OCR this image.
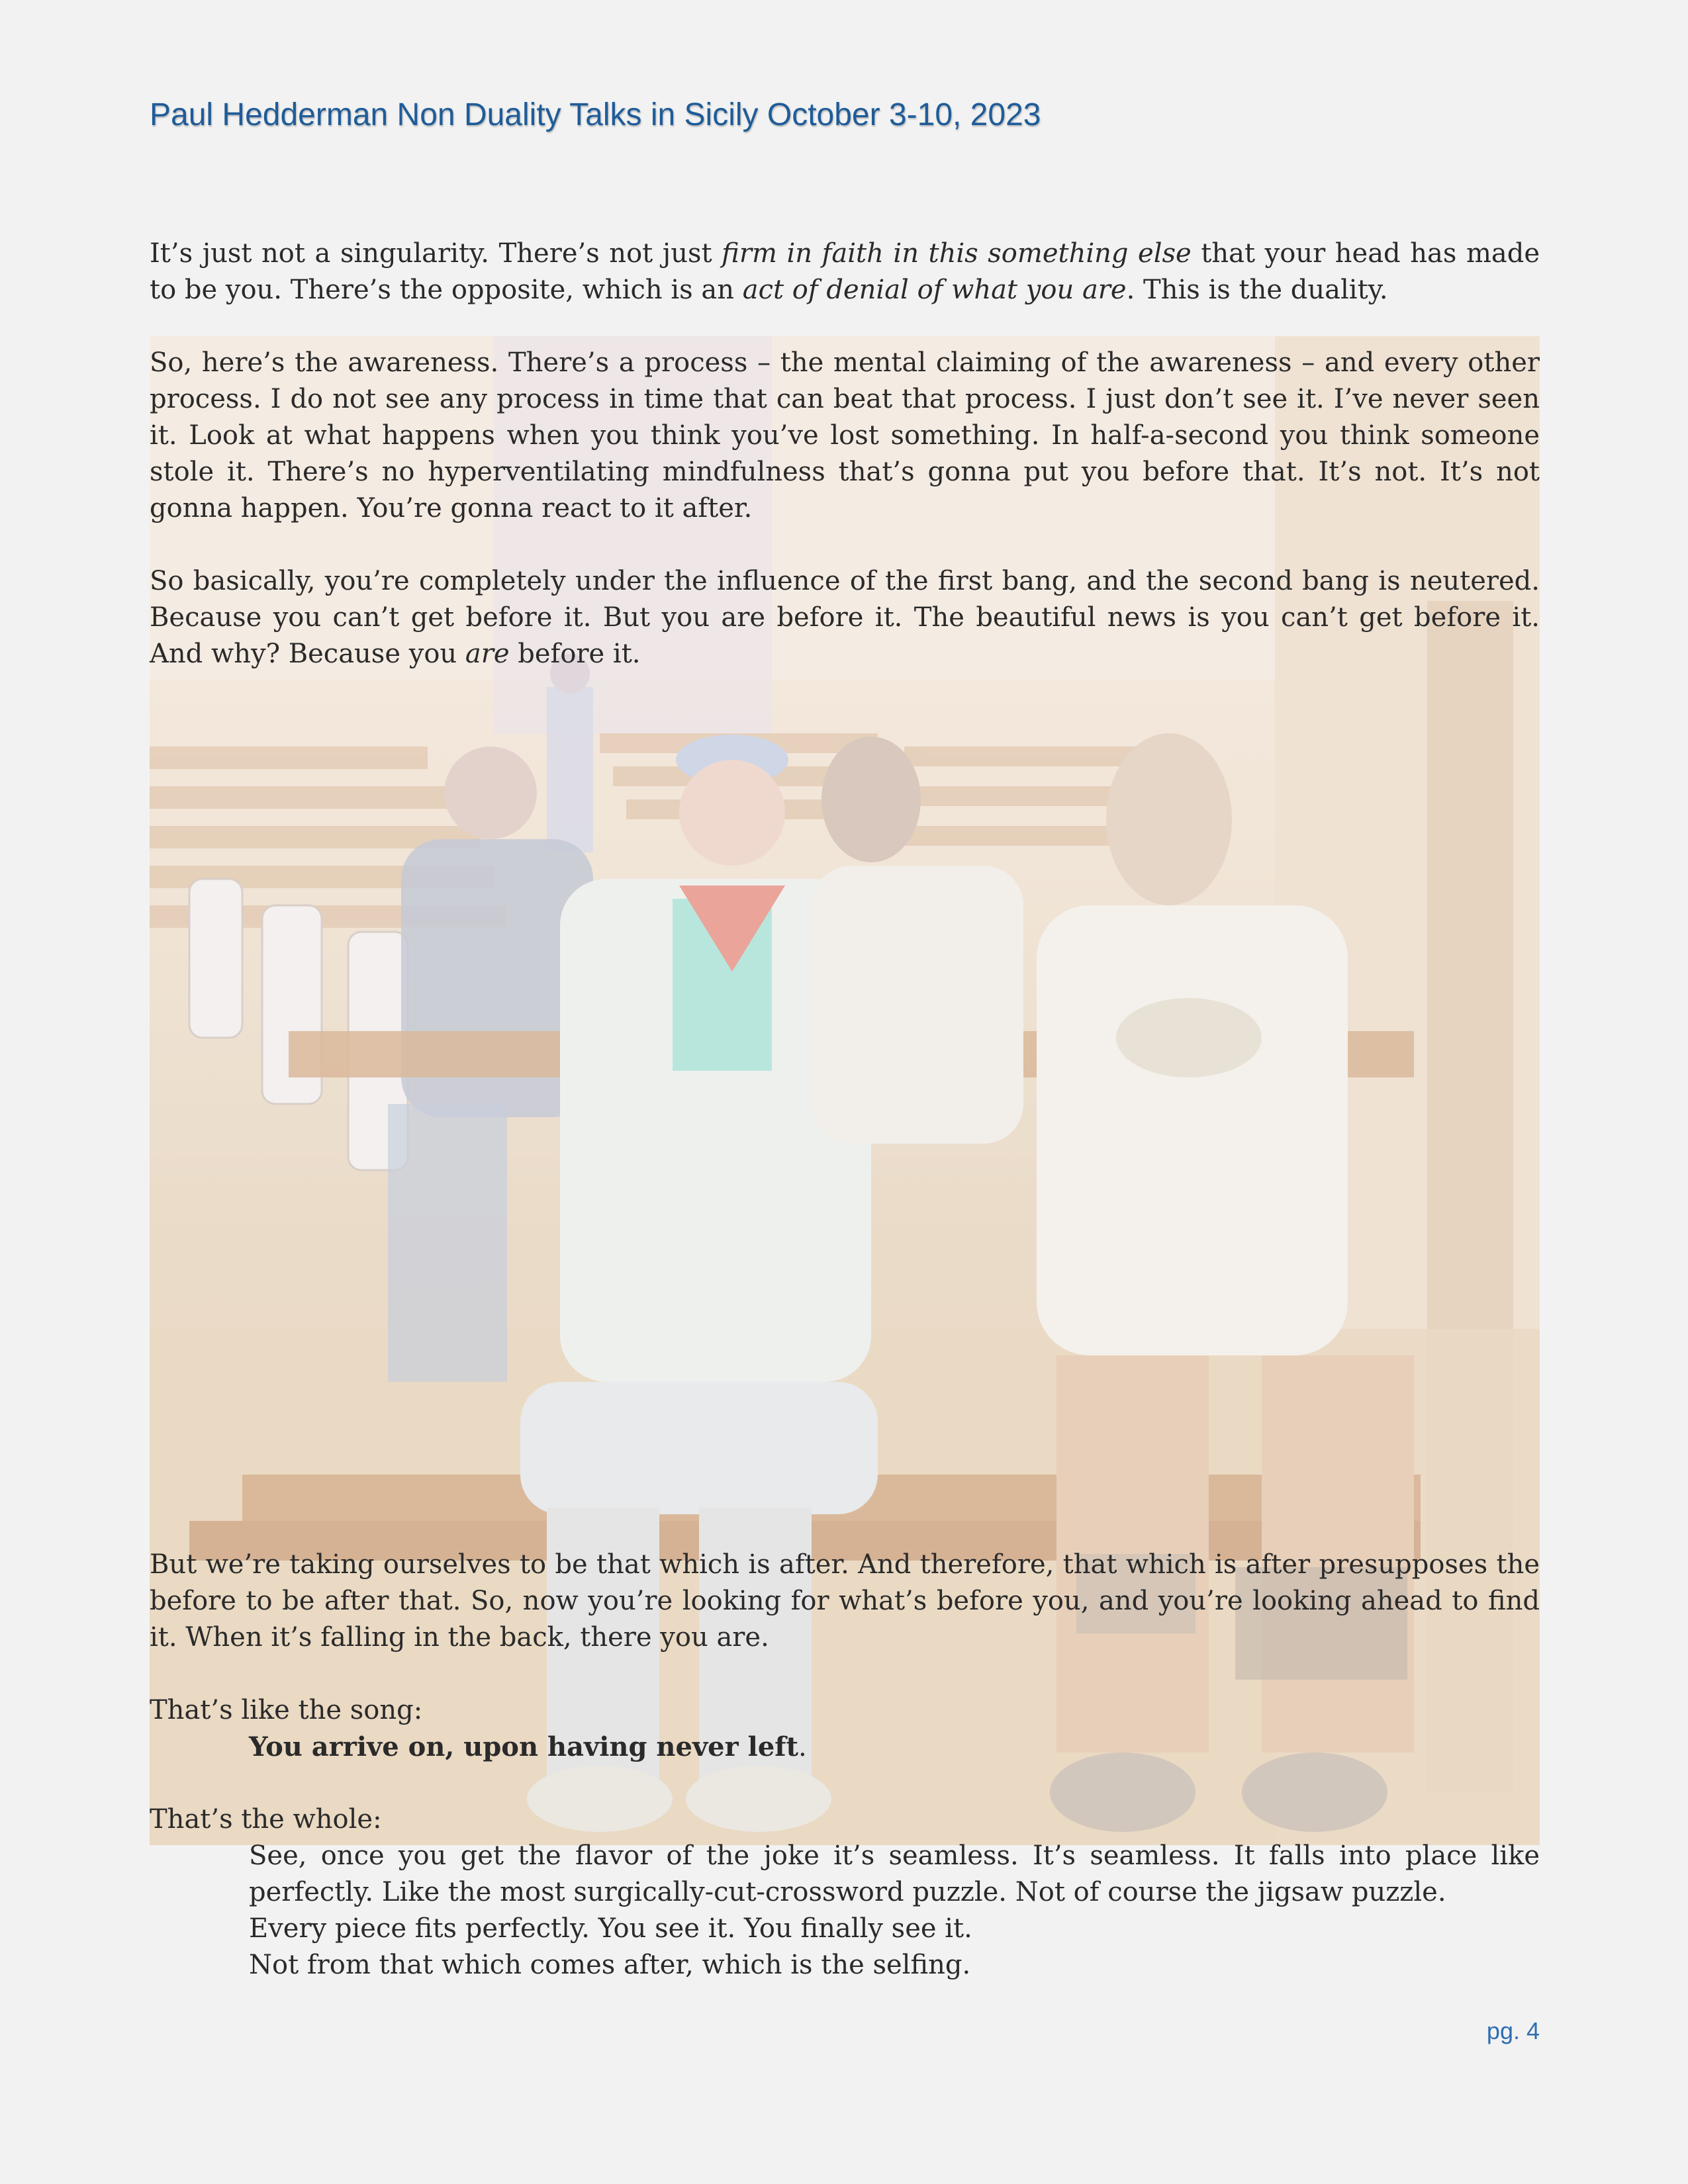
Paul Hedderman Non Duality Talks in Sicily October 3-10, 2023

It’s just not a singularity. There’s not just firm in faith in this something else that your head has made to be you. There’s the opposite, which is an act of denial of what you are. This is the duality.

So, here’s the awareness. There’s a process – the mental claiming of the awareness – and every other process. I do not see any process in time that can beat that process. I just don’t see it. I’ve never seen it. Look at what happens when you think you’ve lost something. In half-a-second you think someone stole it. There’s no hyperventilating mindfulness that’s gonna put you before that. It’s not. It’s not gonna happen. You’re gonna react to it after.

So basically, you’re completely under the influence of the first bang, and the second bang is neutered. Because you can’t get before it. But you are before it. The beautiful news is you can’t get before it. And why? Because you are before it.

But we’re taking ourselves to be that which is after. And therefore, that which is after presupposes the before to be after that. So, now you’re looking for what’s before you, and you’re looking ahead to find it. When it’s falling in the back, there you are.

That’s like the song:

You arrive on, upon having never left.

That’s the whole:

See, once you get the flavor of the joke it’s seamless. It’s seamless. It falls into place like perfectly. Like the most surgically-cut-crossword puzzle. Not of course the jigsaw puzzle.

Every piece fits perfectly. You see it. You finally see it.

Not from that which comes after, which is the selfing.

pg. 4
